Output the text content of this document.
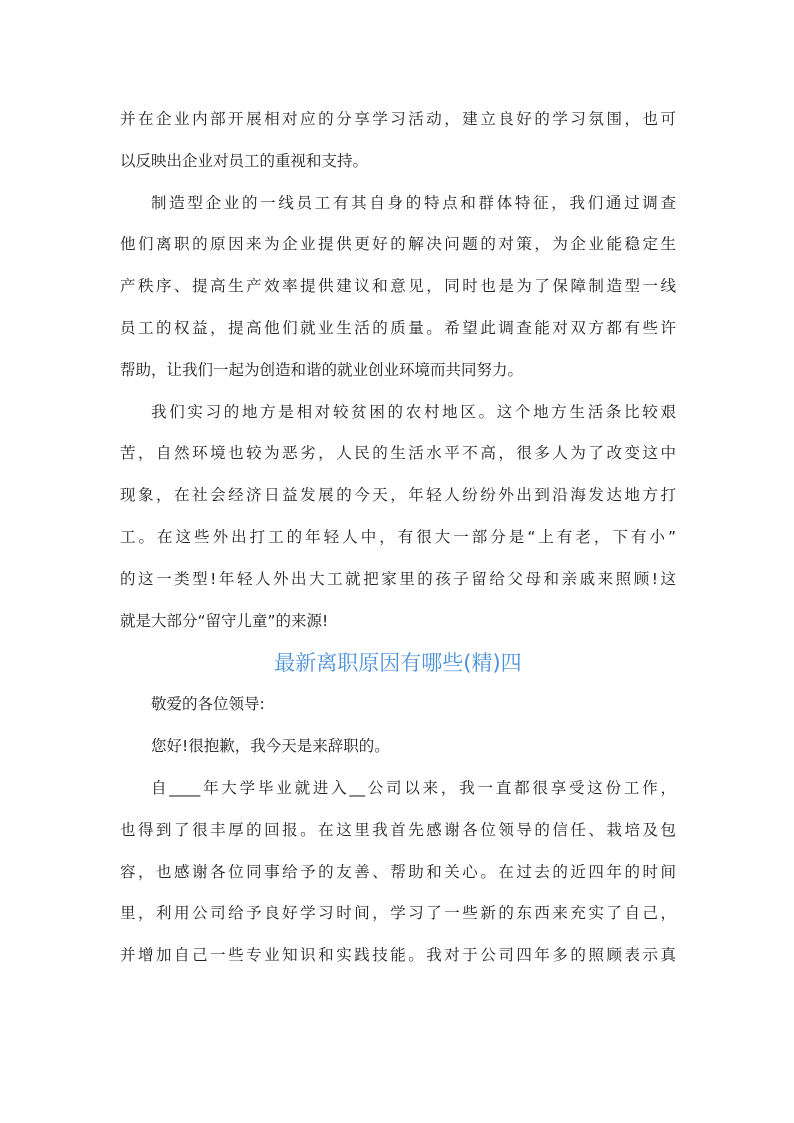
并在企业内部开展相对应的分享学习活动，建立良好的学习氛围，也可
以反映出企业对员工的重视和支持。
制造型企业的一线员工有其自身的特点和群体特征，我们通过调查
他们离职的原因来为企业提供更好的解决问题的对策，为企业能稳定生
产秩序、提高生产效率提供建议和意见，同时也是为了保障制造型一线
员工的权益，提高他们就业生活的质量。希望此调查能对双方都有些许
帮助，让我们一起为创造和谐的就业创业环境而共同努力。
我们实习的地方是相对较贫困的农村地区。这个地方生活条比较艰
苦，自然环境也较为恶劣，人民的生活水平不高，很多人为了改变这中
现象，在社会经济日益发展的今天，年轻人纷纷外出到沿海发达地方打
工。在这些外出打工的年轻人中，有很大一部分是“上有老，下有小”
的这一类型!年轻人外出大工就把家里的孩子留给父母和亲戚来照顾!这
就是大部分“留守儿童”的来源!
最新离职原因有哪些(精)四
敬爱的各位领导:
您好!很抱歉，我今天是来辞职的。
自____年大学毕业就进入__公司以来，我一直都很享受这份工作，
也得到了很丰厚的回报。在这里我首先感谢各位领导的信任、栽培及包
容，也感谢各位同事给予的友善、帮助和关心。在过去的近四年的时间
里，利用公司给予良好学习时间，学习了一些新的东西来充实了自己，
并增加自己一些专业知识和实践技能。我对于公司四年多的照顾表示真
